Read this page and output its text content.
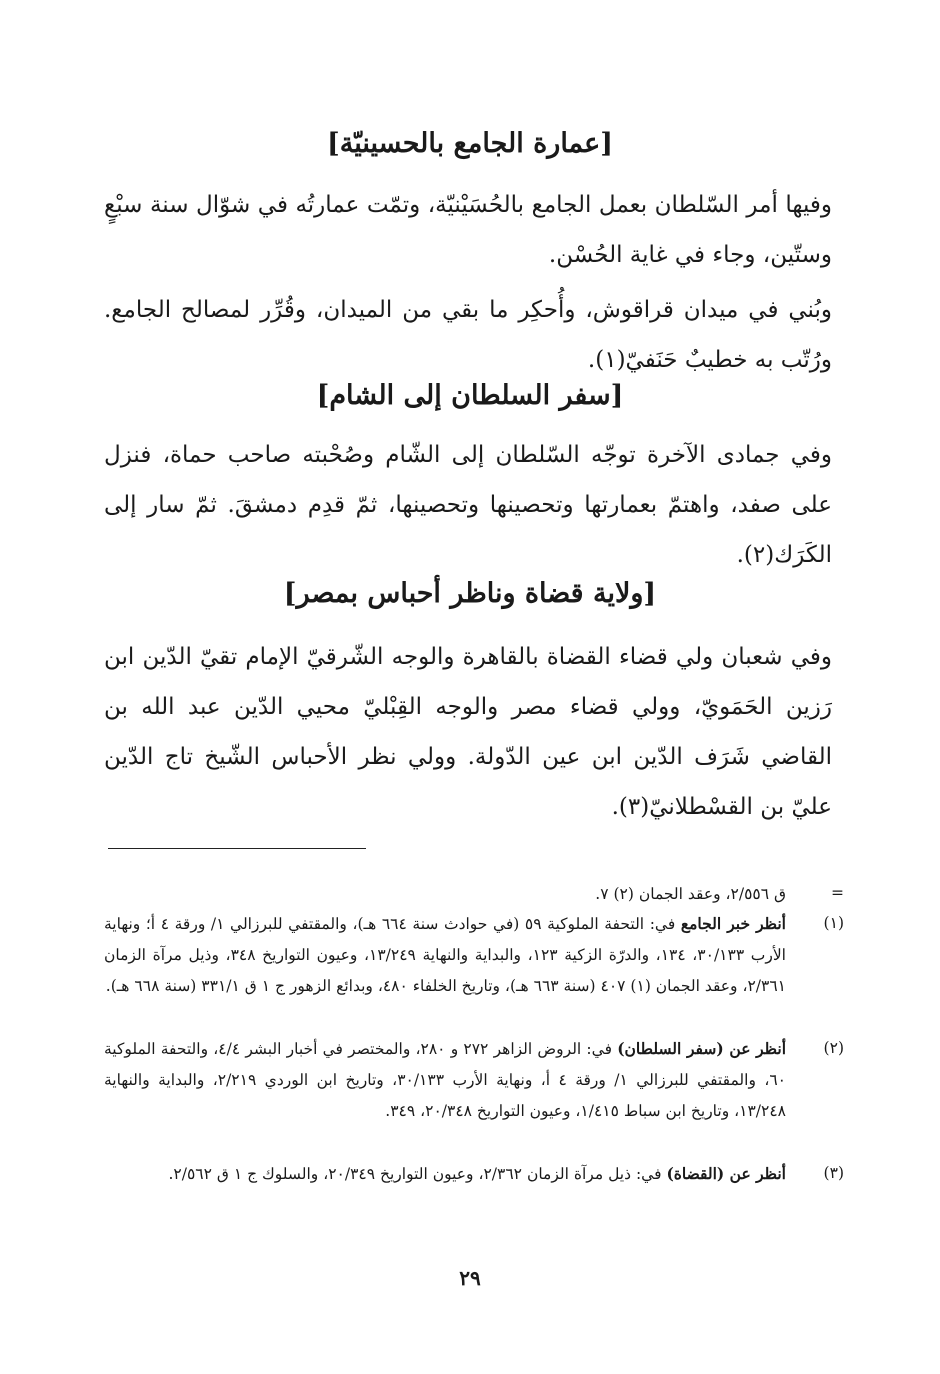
[عمارة الجامع بالحسينيّة]

وفيها أمر السّلطان بعمل الجامع بالحُسَيْنيّة، وتمّت عمارتُه في شوّال سنة سبْعٍ وستّين، وجاء في غاية الحُسْن.

وبُني في ميدان قراقوش، وأُحكِر ما بقي من الميدان، وقُرِّر لمصالح الجامع. ورُتّب به خطيبٌ حَنَفيّ(١).

[سفر السلطان إلى الشام]

وفي جمادى الآخرة توجّه السّلطان إلى الشّام وصُحْبته صاحب حماة، فنزل على صفد، واهتمّ بعمارتها وتحصينها وتحصينها، ثمّ قدِم دمشقَ. ثمّ سار إلى الكَرَك(٢).

[ولاية قضاة وناظر أحباس بمصر]

وفي شعبان ولي قضاء القضاة بالقاهرة والوجه الشّرقيّ الإمام تقيّ الدّين ابن رَزين الحَمَويّ، وولي قضاء مصر والوجه القِبْليّ محيي الدّين عبد الله بن القاضي شَرَف الدّين ابن عين الدّولة. وولي نظر الأحباس الشّيخ تاج الدّين عليّ بن القسْطلانيّ(٣).

=
ق ٢/٥٥٦، وعقد الجمان (٢) ٧.
(١)
أنظر خبر الجامع في: التحفة الملوكية ٥٩ (في حوادث سنة ٦٦٤ هـ)، والمقتفي للبرزالي ١/ ورقة ٤ أ؛ ونهاية الأرب ٣٠/١٣٣، ١٣٤، والدرّة الزكية ١٢٣، والبداية والنهاية ١٣/٢٤٩، وعيون التواريخ ٣٤٨، وذيل مرآة الزمان ٢/٣٦١، وعقد الجمان (١) ٤٠٧ (سنة ٦٦٣ هـ)، وتاريخ الخلفاء ٤٨٠، وبدائع الزهور ج ١ ق ٣٣١/١ (سنة ٦٦٨ هـ).
(٢)
أنظر عن (سفر السلطان) في: الروض الزاهر ٢٧٢ و ٢٨٠، والمختصر في أخبار البشر ٤/٤، والتحفة الملوكية ٦٠، والمقتفي للبرزالي ١/ ورقة ٤ أ، ونهاية الأرب ٣٠/١٣٣، وتاريخ ابن الوردي ٢/٢١٩، والبداية والنهاية ١٣/٢٤٨، وتاريخ ابن سباط ١/٤١٥، وعيون التواريخ ٢٠/٣٤٨، ٣٤٩.
(٣)
أنظر عن (القضاة) في: ذيل مرآة الزمان ٢/٣٦٢، وعيون التواريخ ٢٠/٣٤٩، والسلوك ج ١ ق ٢/٥٦٢.
٢٩
